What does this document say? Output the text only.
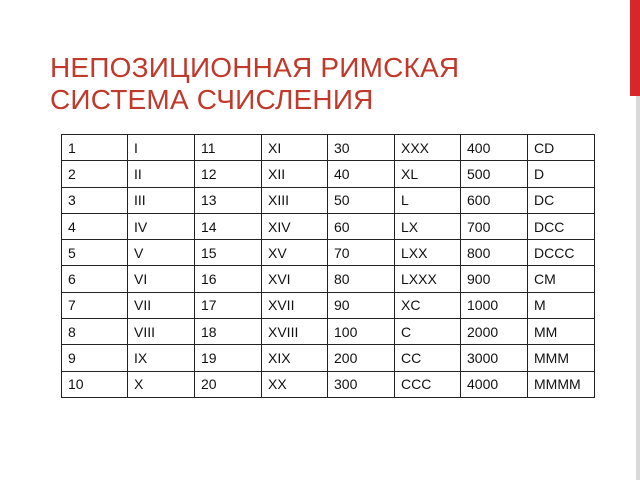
НЕПОЗИЦИОННАЯ РИМСКАЯ
СИСТЕМА СЧИСЛЕНИЯ
1	I	11	XI	30	XXX	400	CD
2	II	12	XII	40	XL	500	D
3	III	13	XIII	50	L	600	DC
4	IV	14	XIV	60	LX	700	DCC
5	V	15	XV	70	LXX	800	DCCC
6	VI	16	XVI	80	LXXX	900	CM
7	VII	17	XVII	90	XC	1000	M
8	VIII	18	XVIII	100	C	2000	MM
9	IX	19	XIX	200	CC	3000	MMM
10	X	20	XX	300	CCC	4000	MMMM
